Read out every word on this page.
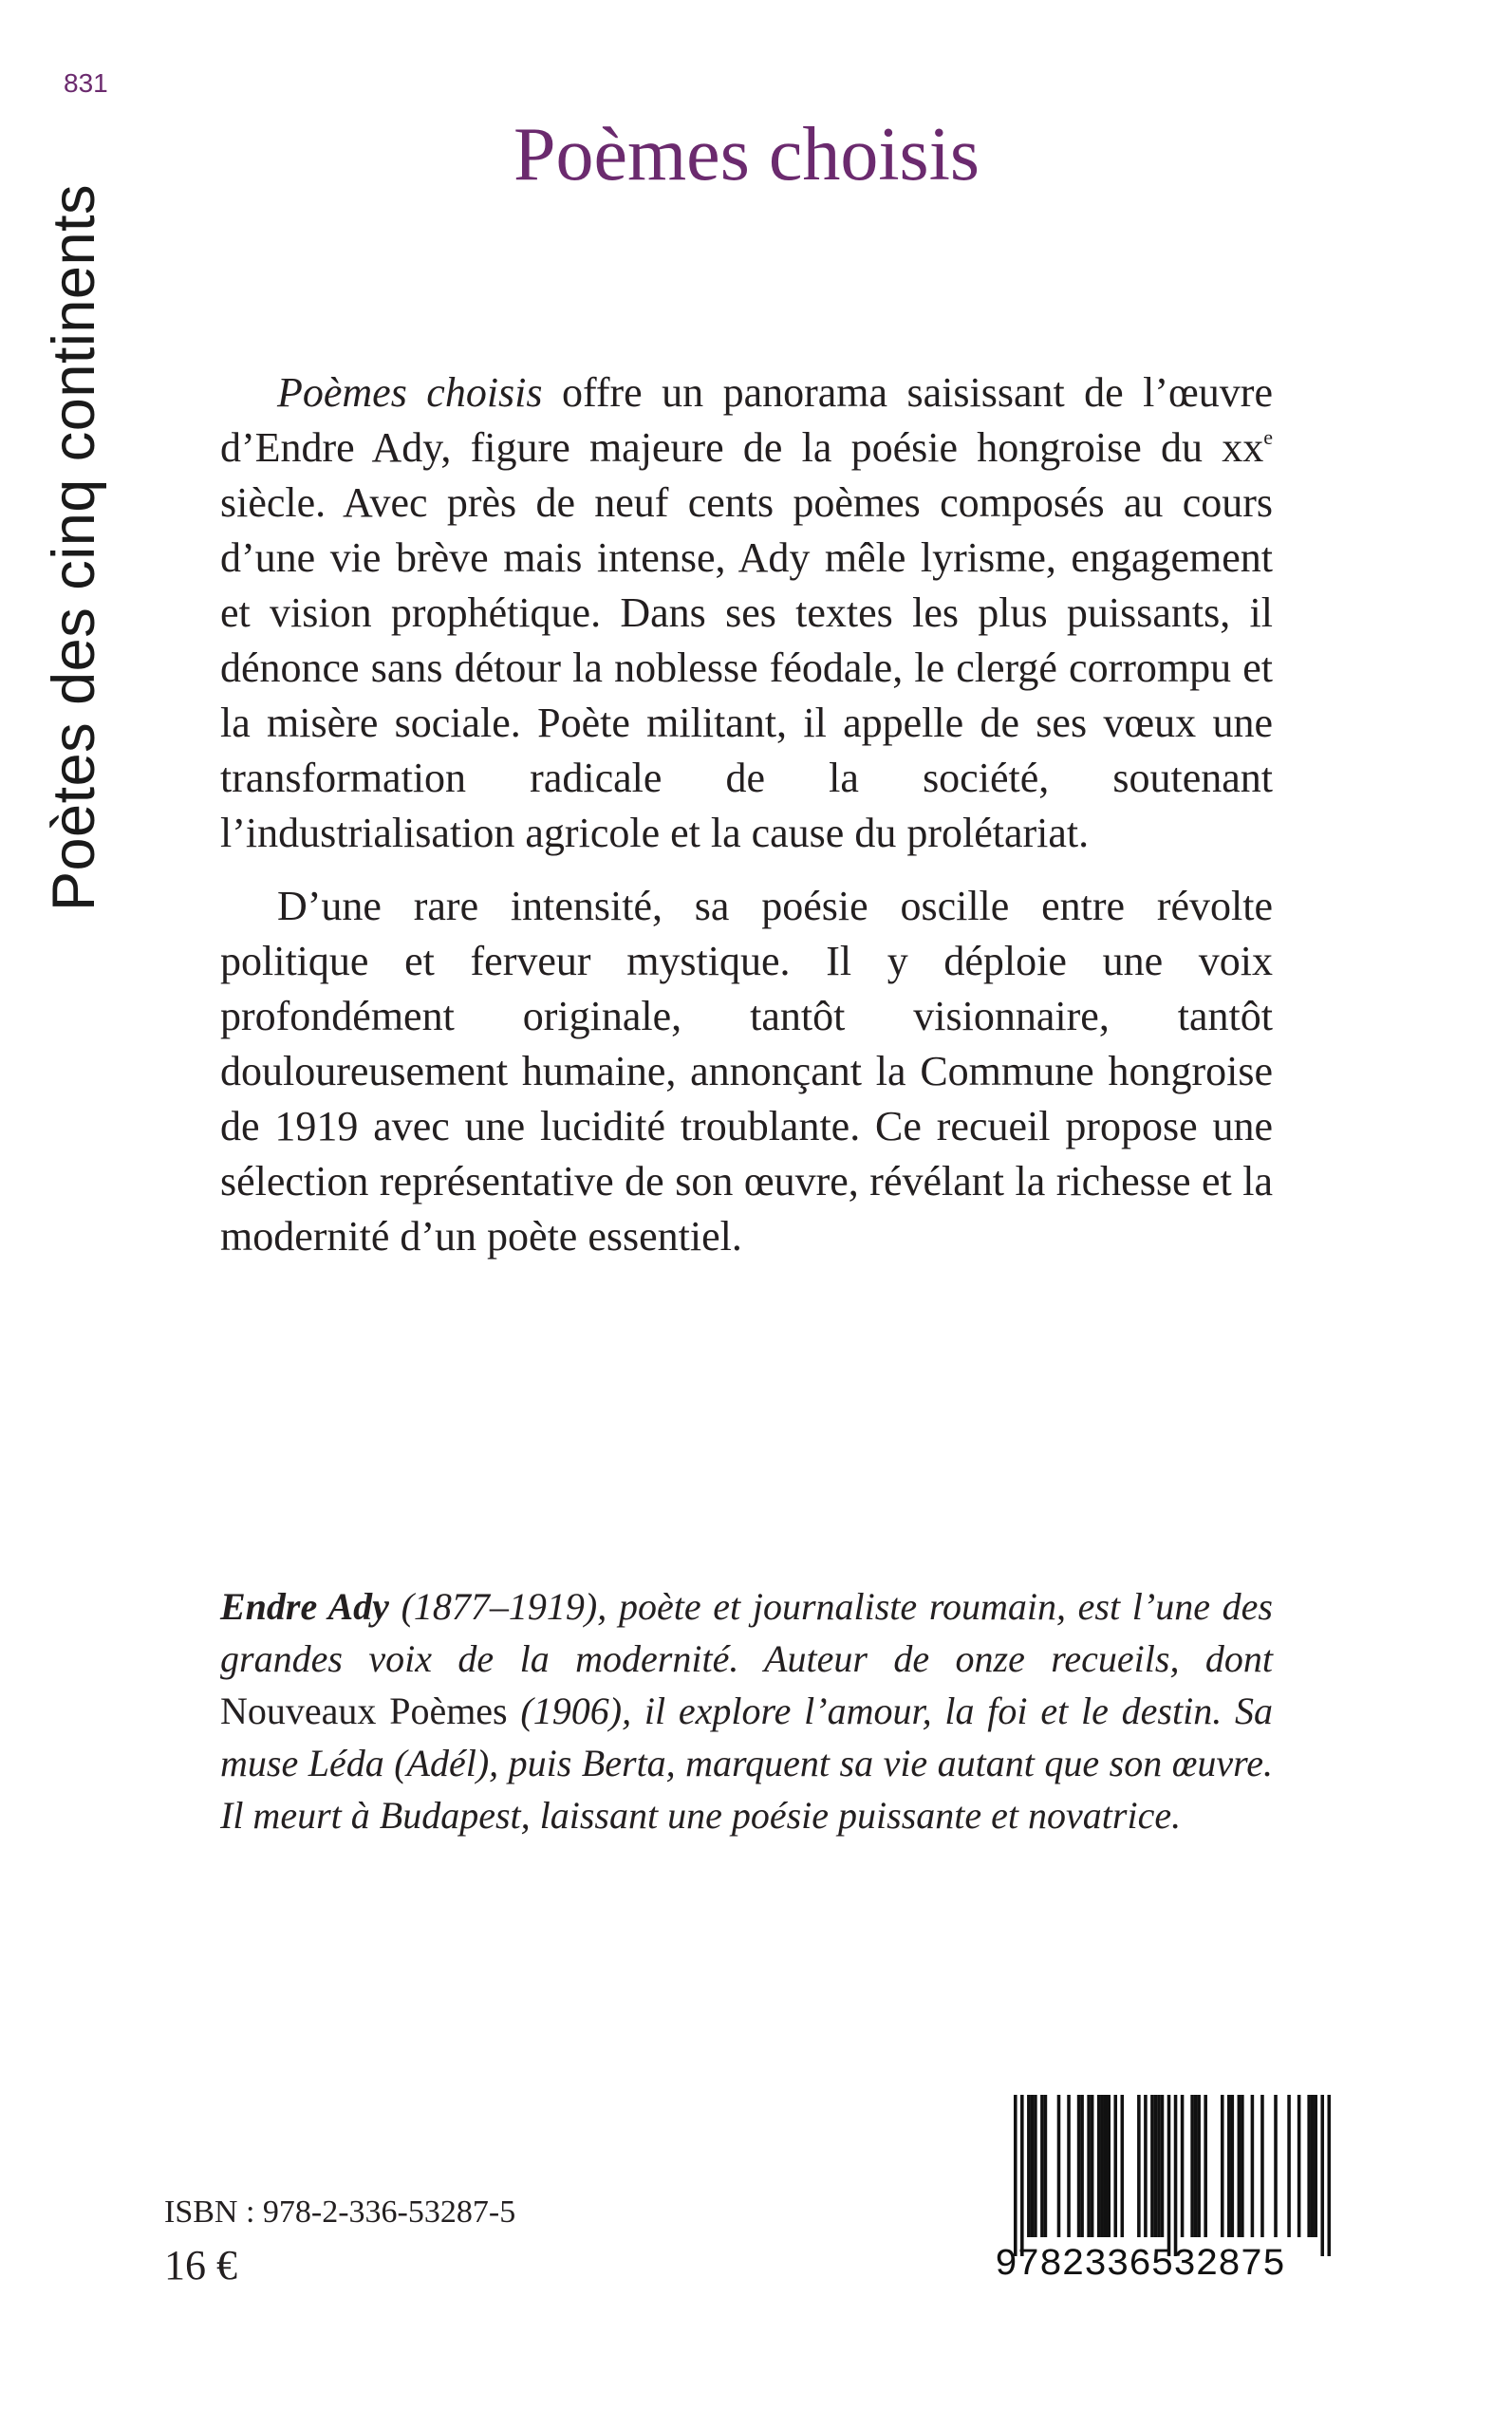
831
Poètes des cinq continents
Poèmes choisis

Poèmes choisis offre un panorama saisissant de l’œuvre d’Endre Ady, figure majeure de la poésie hongroise du $xx^e$ siècle. Avec près de neuf cents poèmes composés au cours d’une vie brève mais intense, Ady mêle lyrisme, engagement et vision prophétique. Dans ses textes les plus puissants, il dénonce sans détour la noblesse féodale, le clergé corrompu et la misère sociale. Poète militant, il appelle de ses vœux une transformation radicale de la société, soutenant l’industrialisation agricole et la cause du prolétariat.

D’une rare intensité, sa poésie oscille entre révolte politique et ferveur mystique. Il y déploie une voix profondément originale, tantôt visionnaire, tantôt douloureusement humaine, annonçant la Commune hongroise de 1919 avec une lucidité troublante. Ce recueil propose une sélection représentative de son œuvre, révélant la richesse et la modernité d’un poète essentiel.

Endre Ady (1877–1919), poète et journaliste roumain, est l’une des grandes voix de la modernité. Auteur de onze recueils, dont Nouveaux Poèmes (1906), il explore l’amour, la foi et le destin. Sa muse Léda (Adél), puis Berta, marquent sa vie autant que son œuvre. Il meurt à Budapest, laissant une poésie puissante et novatrice.

ISBN : 978-2-336-53287-5
16 €	9782336532875
